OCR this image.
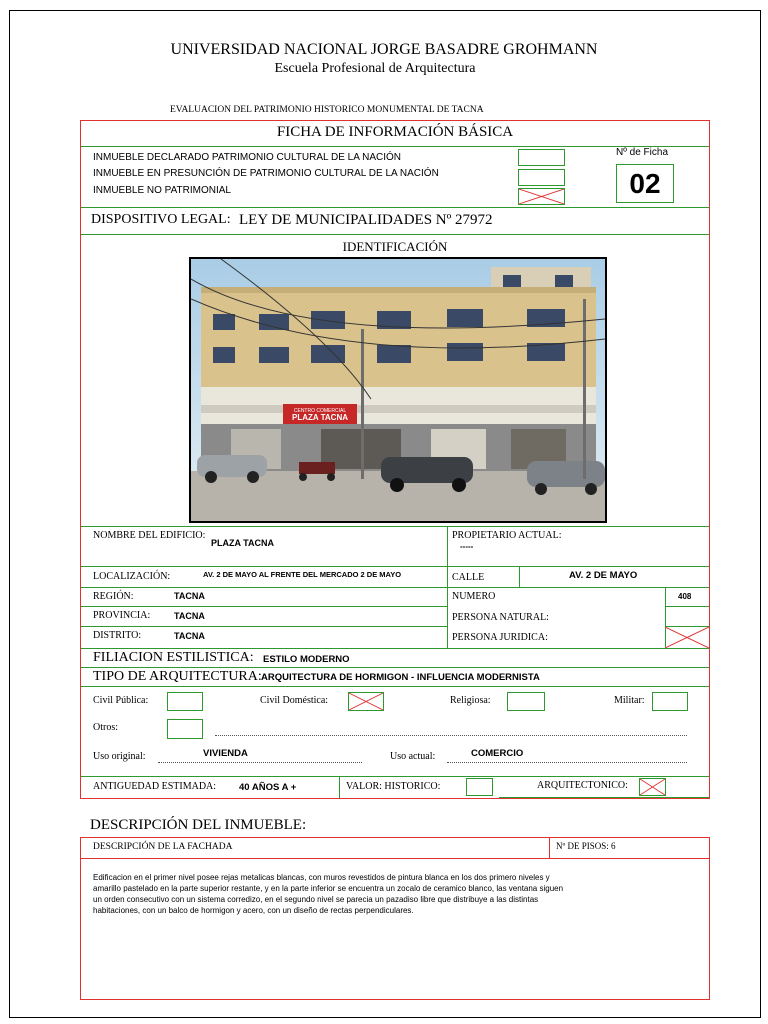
UNIVERSIDAD NACIONAL JORGE BASADRE GROHMANN
Escuela Profesional de Arquitectura
EVALUACION DEL PATRIMONIO HISTORICO MONUMENTAL DE TACNA
FICHA DE INFORMACIÓN BÁSICA
INMUEBLE DECLARADO PATRIMONIO CULTURAL DE LA NACIÓN
INMUEBLE EN PRESUNCIÓN DE PATRIMONIO CULTURAL DE LA NACIÓN
INMUEBLE NO PATRIMONIAL
Nº de Ficha
02
DISPOSITIVO LEGAL: LEY DE MUNICIPALIDADES Nº 27972
IDENTIFICACIÓN
CENTRO COMERCIAL
PLAZA TACNA
NOMBRE DEL EDIFICIO:
PLAZA TACNA
PROPIETARIO ACTUAL:
-----
LOCALIZACIÓN:	AV. 2 DE MAYO AL FRENTE DEL MERCADO 2 DE MAYO	CALLE	AV. 2 DE MAYO
REGIÓN:	TACNA	NUMERO	408
PROVINCIA:	TACNA	PERSONA NATURAL:
DISTRITO:	TACNA	PERSONA JURIDICA:
FILIACION ESTILISTICA: ESTILO MODERNO
TIPO DE ARQUITECTURA: ARQUITECTURA DE HORMIGON - INFLUENCIA MODERNISTA
Civil Pública:	Civil Doméstica:	Religiosa:	Militar:
Otros:
Uso original:	VIVIENDA	Uso actual:	COMERCIO
ANTIGUEDAD ESTIMADA: 40 AÑOS A +	VALOR: HISTORICO:	ARQUITECTONICO:
DESCRIPCIÓN DEL INMUEBLE:
DESCRIPCIÓN DE LA FACHADA	Nº DE PISOS: 6
Edificacion en el primer nivel posee rejas metalicas blancas, con muros revestidos de pintura blanca en los dos primero niveles y
amarillo pastelado en la parte superior restante, y en la parte inferior se encuentra un zocalo de ceramico blanco, las ventana siguen
un orden consecutivo con un sistema corredizo, en el segundo nivel se parecia un pazadiso libre que distribuye a las distintas
habitaciones, con un balco de hormigon y acero, con un diseño de rectas perpendiculares.
